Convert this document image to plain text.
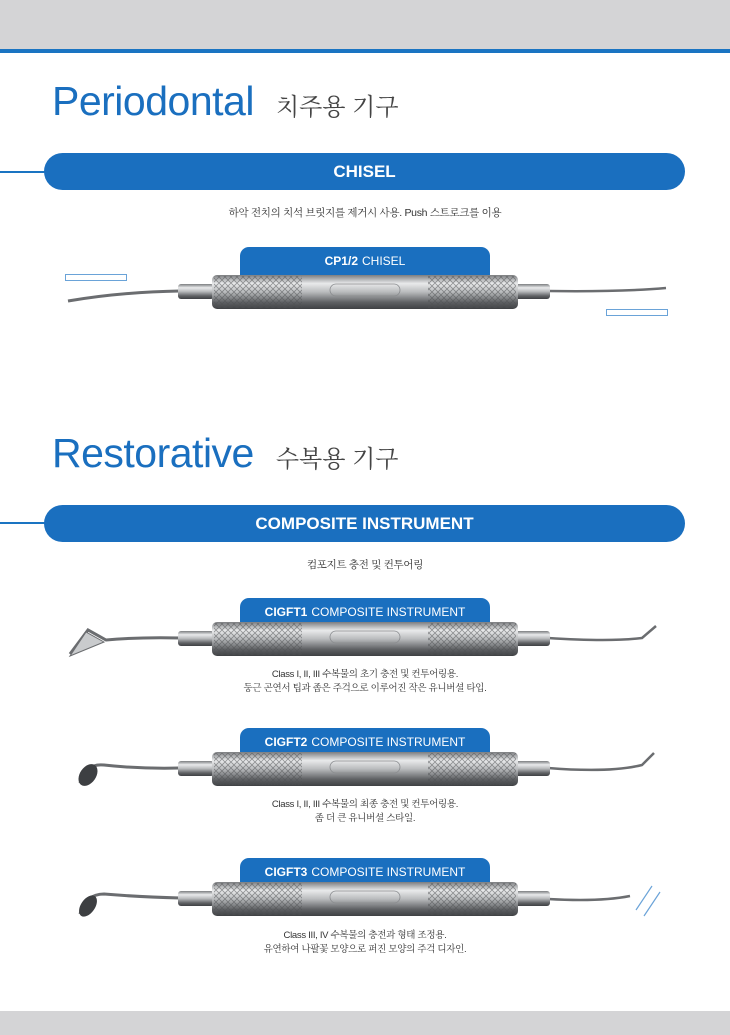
Periodontal 치주용 기구
CHISEL
하악 전치의 치석 브릿지를 제거시 사용. Push 스트로크를 이용
CP1/2 CHISEL
Restorative 수복용 기구
COMPOSITE INSTRUMENT
컴포지트 충전 및 컨투어링
CIGFT1 COMPOSITE INSTRUMENT
Class I, II, III 수복물의 초기 충전 및 컨투어링용.
둥근 곤연서 팁과 좁은 주걱으로 이루어진 작은 유니버셜 타입.
CIGFT2 COMPOSITE INSTRUMENT
Class I, II, III 수복물의 최종 충전 및 컨투어링용.
좀 더 큰 유니버셜 스타일.
CIGFT3 COMPOSITE INSTRUMENT
Class III, IV 수복물의 충전과 형태 조정용.
유연하여 나팔꽃 모양으로 퍼진 모양의 주걱 디자인.
